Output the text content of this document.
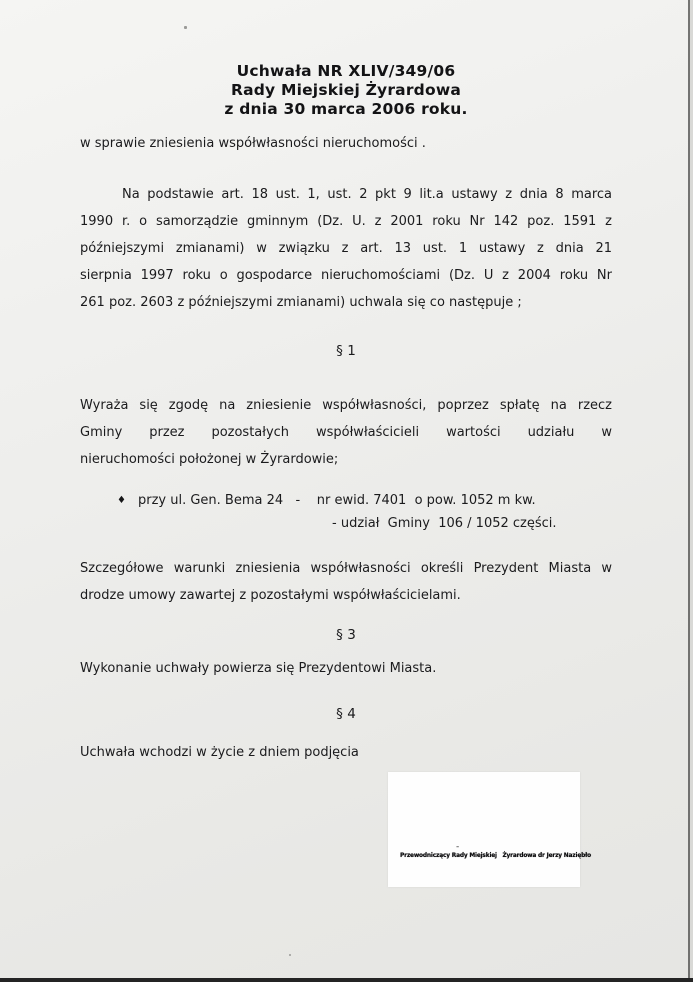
Uchwała NR XLIV/349/06
Rady Miejskiej Żyrardowa
z dnia 30 marca 2006 roku.
w sprawie zniesienia współwłasności nieruchomości .
Na podstawie art. 18 ust. 1, ust. 2 pkt 9 lit.a ustawy z dnia 8 marca
1990 r. o samorządzie gminnym (Dz. U. z 2001 roku Nr 142 poz. 1591 z
późniejszymi zmianami) w związku z art. 13 ust. 1 ustawy z dnia 21
sierpnia 1997 roku o gospodarce nieruchomościami (Dz. U z 2004 roku Nr
261 poz. 2603 z późniejszymi zmianami) uchwala się co następuje ;
§ 1
Wyraża się zgodę na zniesienie współwłasności, poprzez spłatę na rzecz
Gminy przez pozostałych współwłaścicieli wartości udziału w
nieruchomości położonej w Żyrardowie;
♦ przy ul. Gen. Bema 24   -    nr ewid. 7401  o pow. 1052 m kw.
- udział  Gminy  106 / 1052 części.
Szczegółowe warunki zniesienia współwłasności określi Prezydent Miasta w
drodze umowy zawartej z pozostałymi współwłaścicielami.
§ 3
Wykonanie uchwały powierza się Prezydentowi Miasta.
§ 4
Uchwała wchodzi w życie z dniem podjęcia
-
Przewodniczący Rady Miejskiej   Żyrardowa dr Jerzy Naziębło
